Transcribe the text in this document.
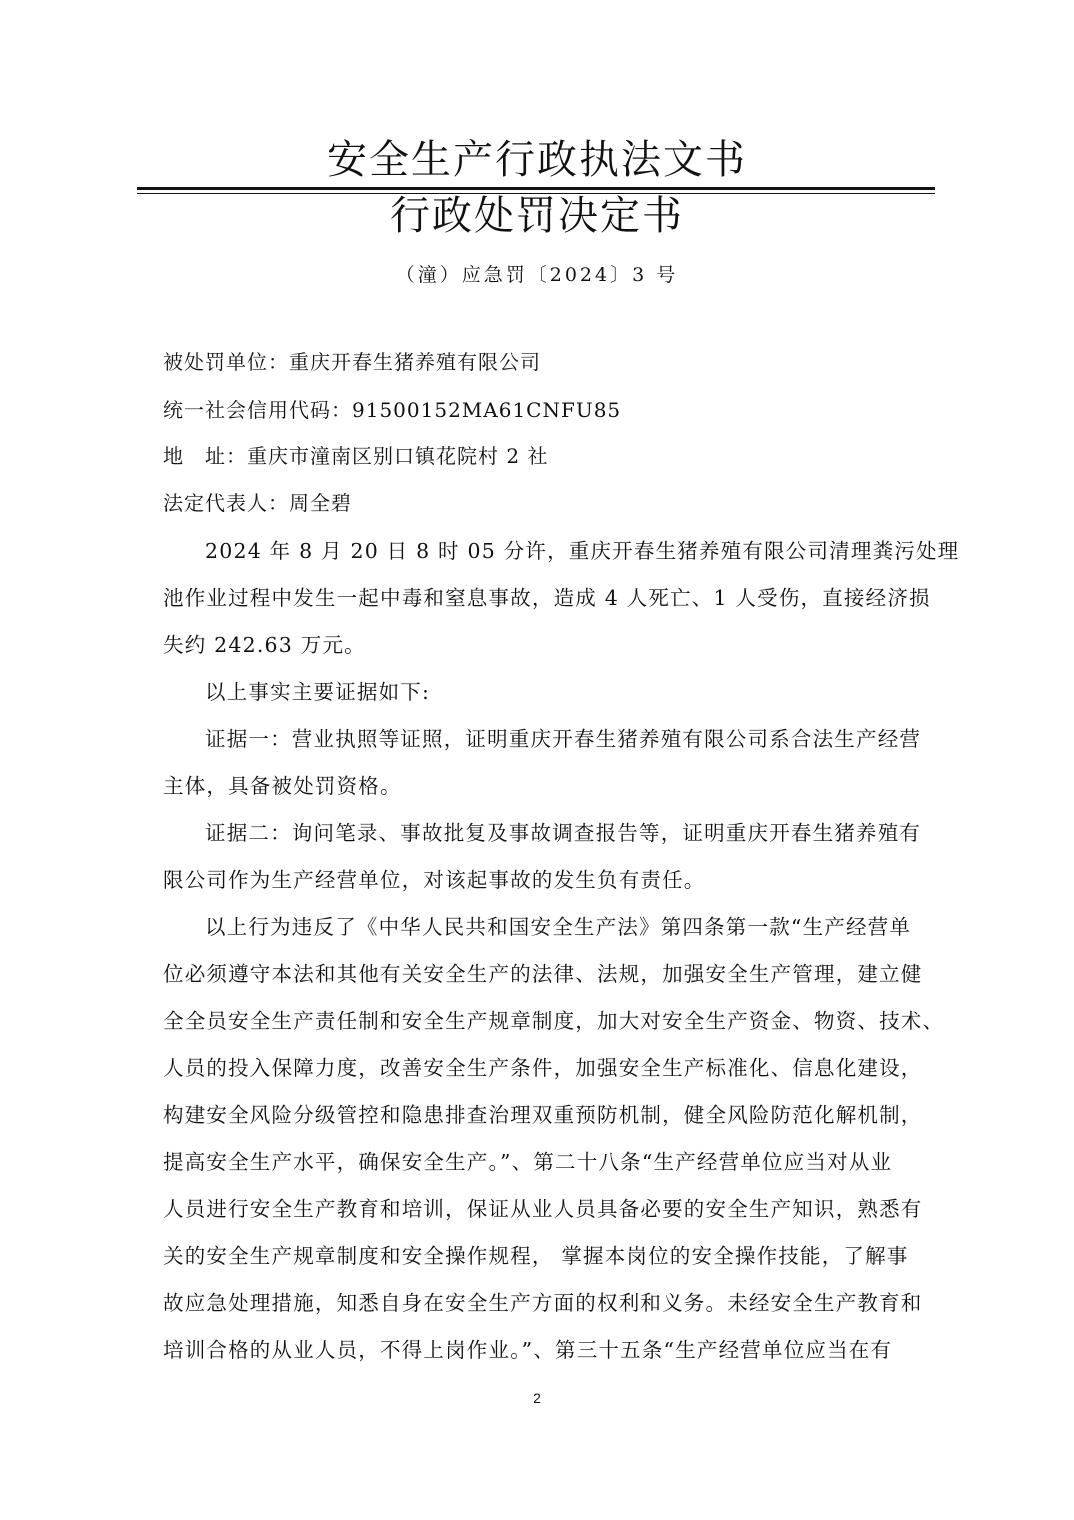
安全生产行政执法文书
行政处罚决定书
（潼）应急罚〔2024〕3 号
被处罚单位：重庆开春生猪养殖有限公司
统一社会信用代码：91500152MA61CNFU85
地　址：重庆市潼南区别口镇花院村 2 社
法定代表人：周全碧
2024 年 8 月 20 日 8 时 05 分许，重庆开春生猪养殖有限公司清理粪污处理
池作业过程中发生一起中毒和窒息事故，造成 4 人死亡、1 人受伤，直接经济损
失约 242.63 万元。
以上事实主要证据如下:
证据一：营业执照等证照，证明重庆开春生猪养殖有限公司系合法生产经营
主体，具备被处罚资格。
证据二：询问笔录、事故批复及事故调查报告等，证明重庆开春生猪养殖有
限公司作为生产经营单位，对该起事故的发生负有责任。
以上行为违反了《中华人民共和国安全生产法》第四条第一款“生产经营单
位必须遵守本法和其他有关安全生产的法律、法规，加强安全生产管理，建立健
全全员安全生产责任制和安全生产规章制度，加大对安全生产资金、物资、技术、
人员的投入保障力度，改善安全生产条件，加强安全生产标准化、信息化建设，
构建安全风险分级管控和隐患排查治理双重预防机制，健全风险防范化解机制，
提高安全生产水平，确保安全生产。”、第二十八条“生产经营单位应当对从业
人员进行安全生产教育和培训，保证从业人员具备必要的安全生产知识，熟悉有
关的安全生产规章制度和安全操作规程， 掌握本岗位的安全操作技能，了解事
故应急处理措施，知悉自身在安全生产方面的权利和义务。未经安全生产教育和
培训合格的从业人员，不得上岗作业。”、第三十五条“生产经营单位应当在有
2
